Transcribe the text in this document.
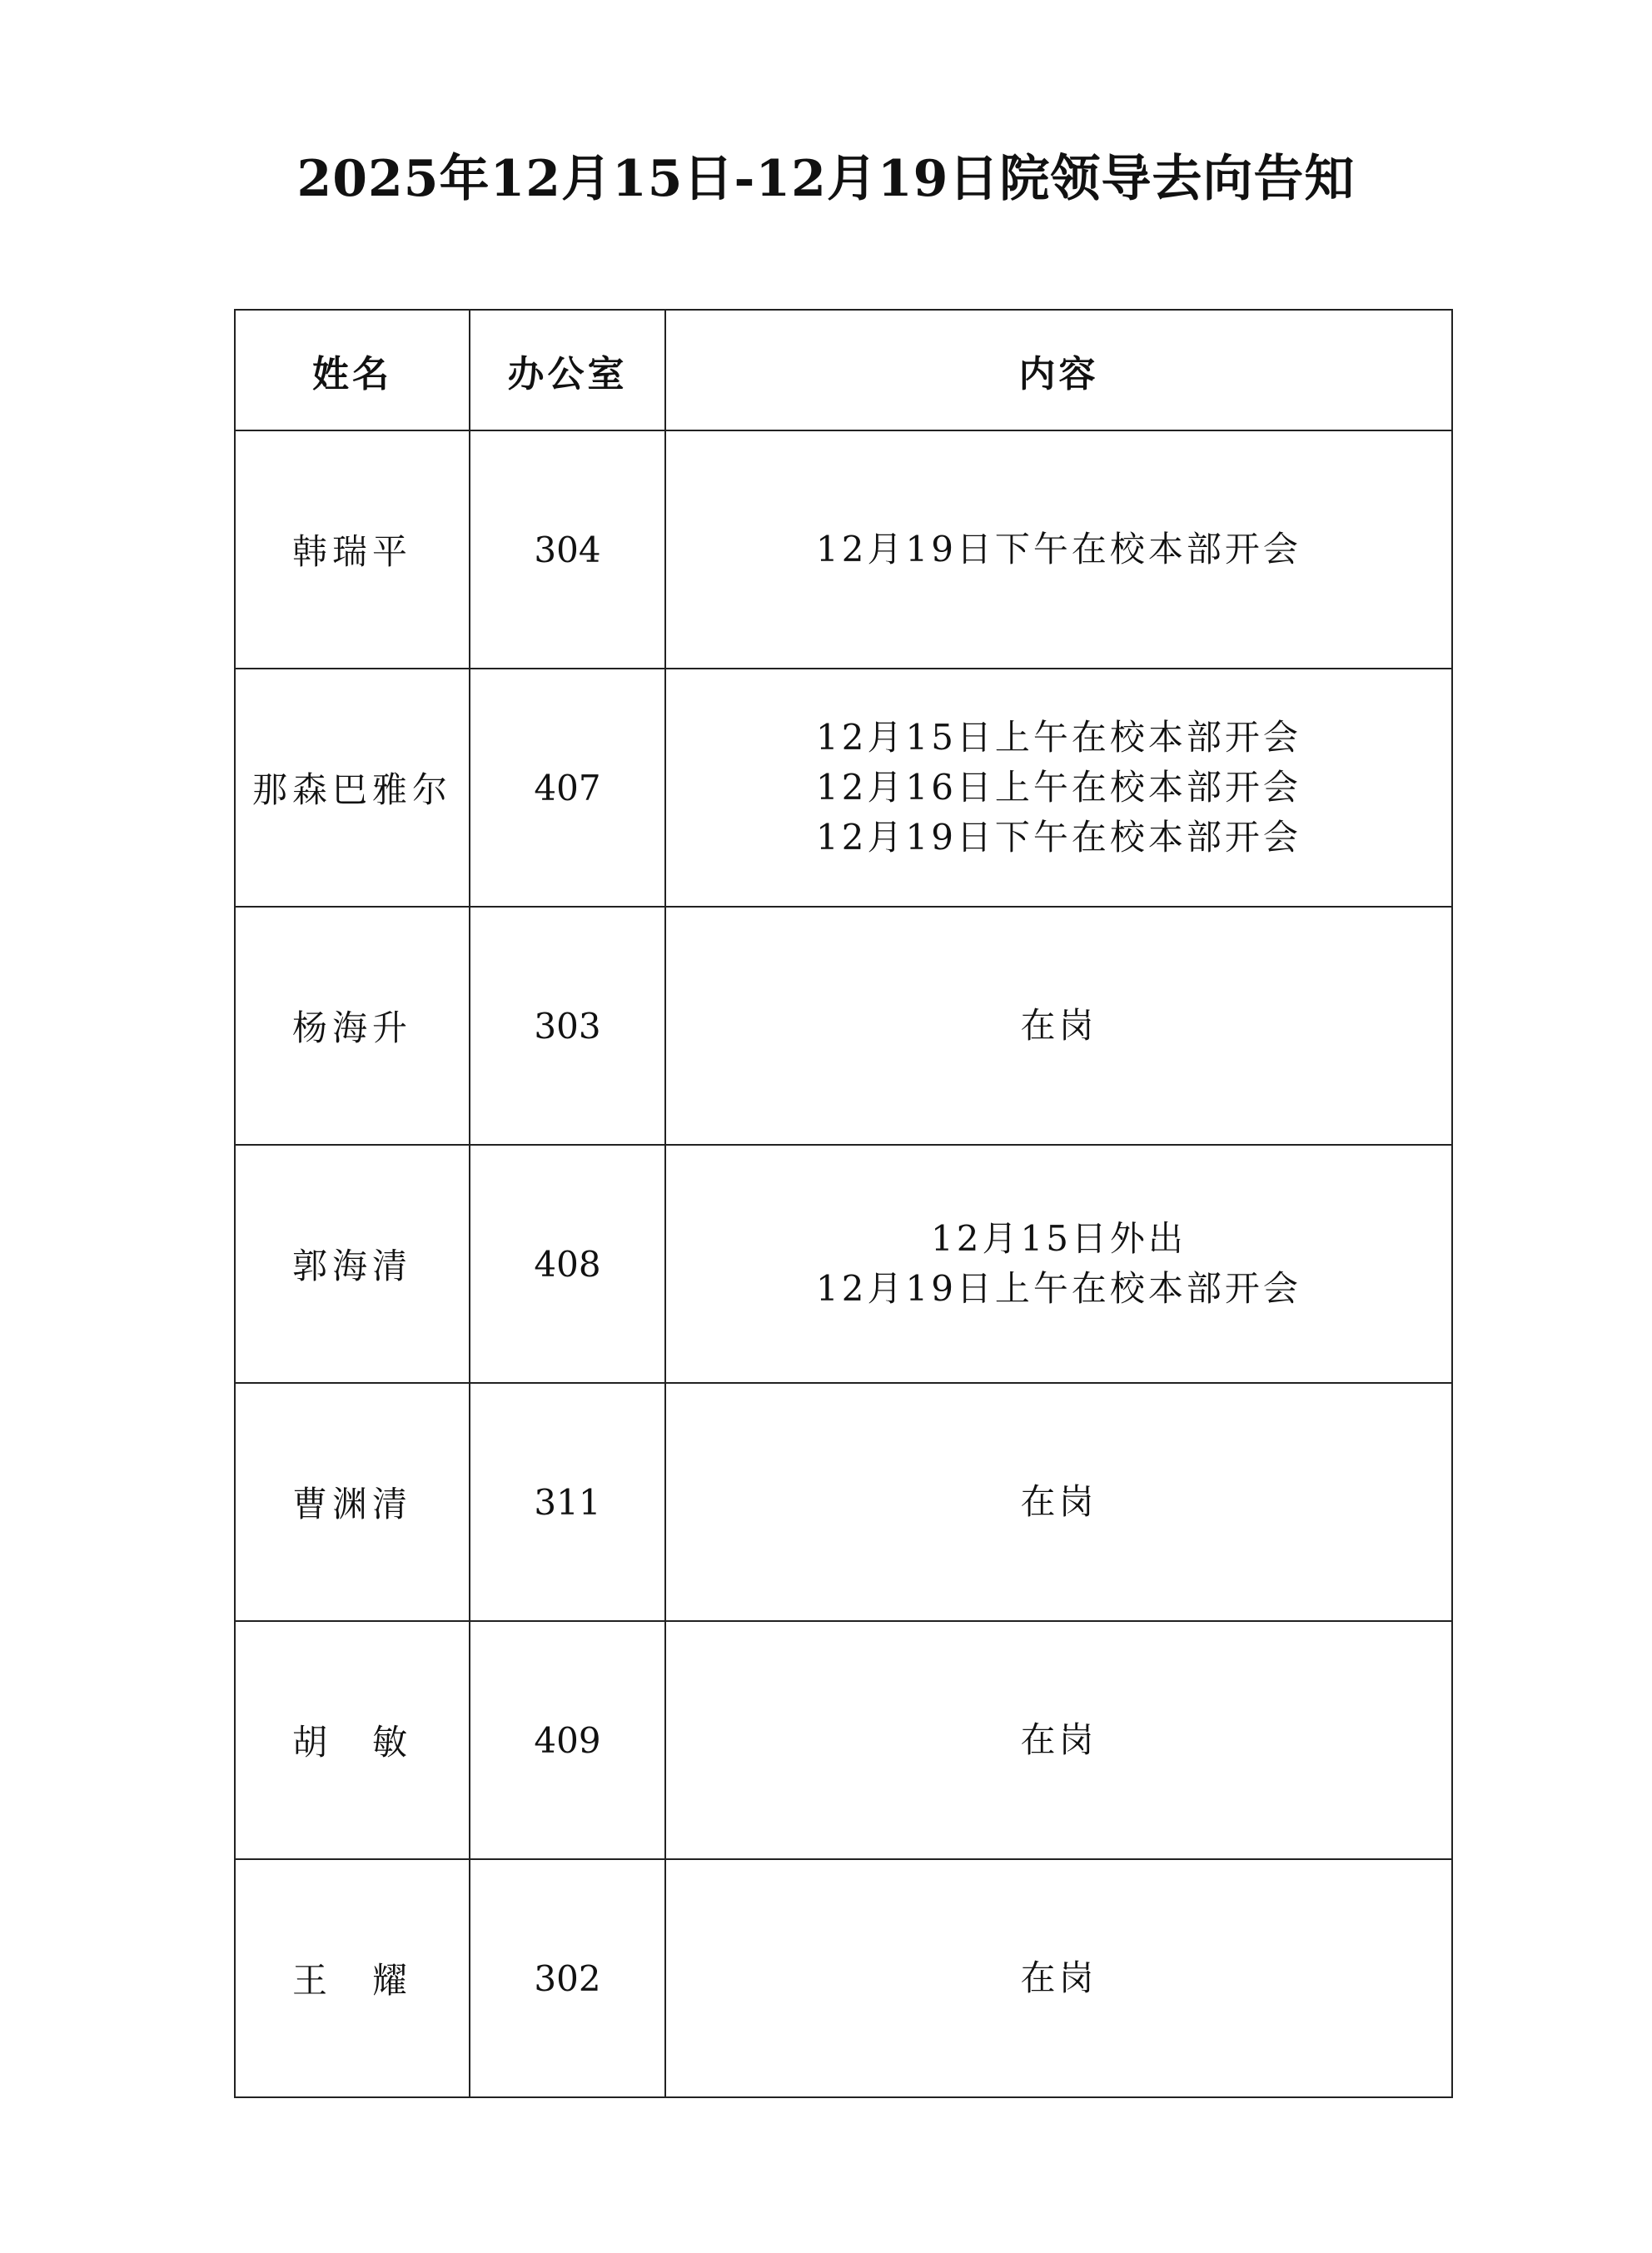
2025年12月15日-12月19日院领导去向告知
姓名	办公室	内容
韩瑞平	304	12月19日下午在校本部开会

那森巴雅尔	407	12月15日上午在校本部开会
12月16日上午在校本部开会
12月19日下午在校本部开会

杨海升	303	在岗

郭海清	408	12月15日外出
12月19日上午在校本部开会

曹渊清	311	在岗

胡　敏	409	在岗

王　耀	302	在岗
